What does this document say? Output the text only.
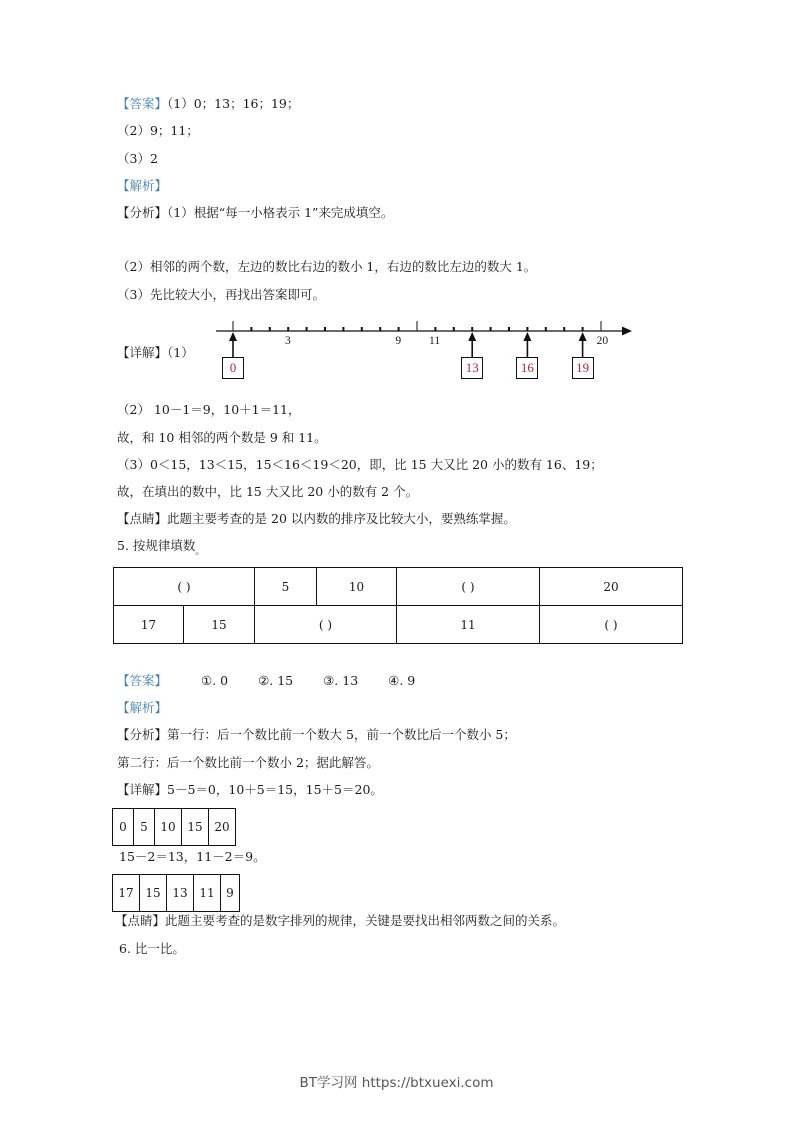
【答案】（1）0；13；16；19；
（2）9；11；
（3）2
【解析】
【分析】（1）根据“每一小格表示 1”来完成填空。
（2）相邻的两个数，左边的数比右边的数小 1，右边的数比左边的数大 1。
（3）先比较大小，再找出答案即可。
【详解】（1）
3	9 11	20
0	13	16	19
（2） 10－1＝9，10＋1＝11，
故，和 10 相邻的两个数是 9 和 11。
（3）0＜15，13＜15，15＜16＜19＜20，即，比 15 大又比 20 小的数有 16、19；
故，在填出的数中，比 15 大又比 20 小的数有 2 个。
【点睛】此题主要考查的是 20 以内数的排序及比较大小，要熟练掌握。
5. 按规律填数$_。$
( )		5	10	( )	20
17	15	( )		11	( )
【答案】	①. 0 ②. 15 ③. 13 ④. 9
【解析】
【分析】第一行：后一个数比前一个数大 5，前一个数比后一个数小 5；
第二行：后一个数比前一个数小 2；据此解答。
【详解】5－5＝0，10＋5＝15，15＋5＝20。
0	5	10	15	20
15－2＝13，11－2＝9。
17	15	13	11	9
【点睛】此题主要考查的是数字排列的规律，关键是要找出相邻两数之间的关系。
6. 比一比。
BT学习网 https://btxuexi.com
